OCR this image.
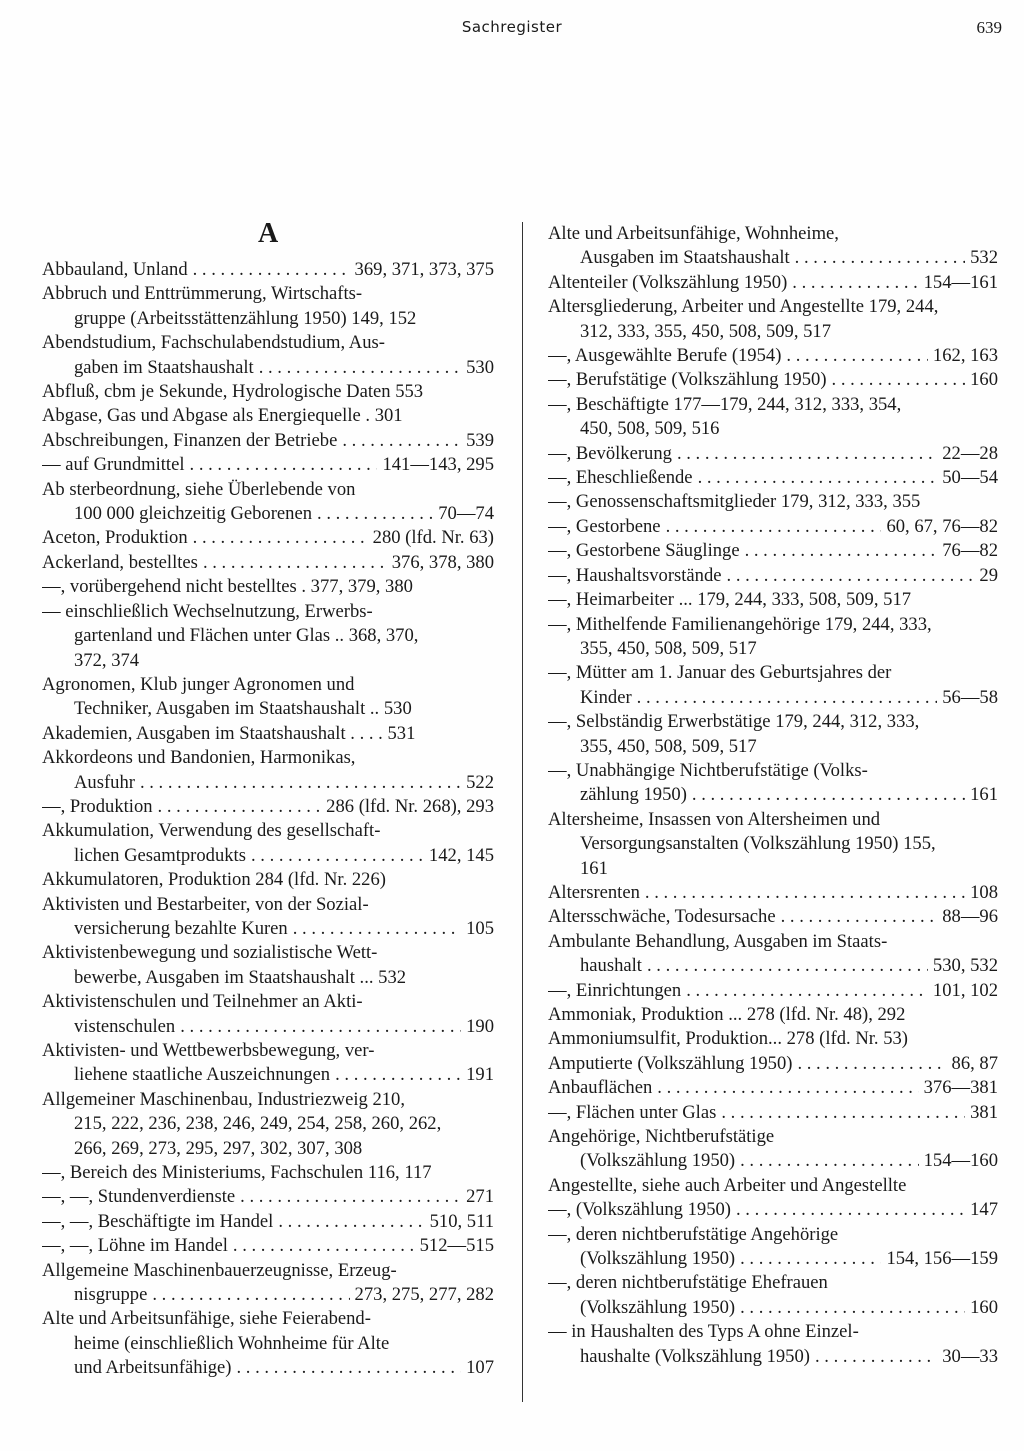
Sachregister	639
A
Abbauland, Unland . . .	369, 371, 373, 375
Abbruch und Enttrümmerung, Wirtschafts-
gruppe (Arbeitsstättenzählung 1950) 149, 152
Abendstudium, Fachschulabendstudium, Aus-
gaben im Staatshaushalt . . .	530
Abfluß, cbm je Sekunde, Hydrologische Daten 553
Abgase, Gas und Abgase als Energiequelle . 301
Abschreibungen, Finanzen der Betriebe . . .	539
— auf Grundmittel . . .	141—143, 295
Ab sterbeordnung, siehe Überlebende von
100 000 gleichzeitig Geborenen . . .	70—74
Aceton, Produktion . . .	280 (lfd. Nr. 63)
Ackerland, bestelltes . . .	376, 378, 380
—, vorübergehend nicht bestelltes . 377, 379, 380
— einschließlich Wechselnutzung, Erwerbs-
gartenland und Flächen unter Glas .. 368, 370,
372, 374
Agronomen, Klub junger Agronomen und
Techniker, Ausgaben im Staatshaushalt .. 530
Akademien, Ausgaben im Staatshaushalt . . . . 531
Akkordeons und Bandonien, Harmonikas,
Ausfuhr . . .	522
—, Produktion . . .	286 (lfd. Nr. 268), 293
Akkumulation, Verwendung des gesellschaft-
lichen Gesamtprodukts . . .	142, 145
Akkumulatoren, Produktion 284 (lfd. Nr. 226)
Aktivisten und Bestarbeiter, von der Sozial-
versicherung bezahlte Kuren . . .	105
Aktivistenbewegung und sozialistische Wett-
bewerbe, Ausgaben im Staatshaushalt ... 532
Aktivistenschulen und Teilnehmer an Akti-
vistenschulen . . .	190
Aktivisten- und Wettbewerbsbewegung, ver-
liehene staatliche Auszeichnungen . . .	191
Allgemeiner Maschinenbau, Industriezweig 210,
215, 222, 236, 238, 246, 249, 254, 258, 260, 262,
266, 269, 273, 295, 297, 302, 307, 308
—, Bereich des Ministeriums, Fachschulen 116, 117
—, —, Stundenverdienste . . .	271
—, —, Beschäftigte im Handel . . .	510, 511
—, —, Löhne im Handel . . .	512—515
Allgemeine Maschinenbauerzeugnisse, Erzeug-
nisgruppe . . .	273, 275, 277, 282
Alte und Arbeitsunfähige, siehe Feierabend-
heime (einschließlich Wohnheime für Alte
und Arbeitsunfähige) . . .	107
Alte und Arbeitsunfähige, Wohnheime,
Ausgaben im Staatshaushalt . . .	532
Altenteiler (Volkszählung 1950) . . .	154—161
Altersgliederung, Arbeiter und Angestellte 179, 244,
312, 333, 355, 450, 508, 509, 517
—, Ausgewählte Berufe (1954) . . .	162, 163
—, Berufstätige (Volkszählung 1950) . . .	160
—, Beschäftigte 177—179, 244, 312, 333, 354,
450, 508, 509, 516
—, Bevölkerung . . .	22—28
—, Eheschließende . . .	50—54
—, Genossenschaftsmitglieder 179, 312, 333, 355
—, Gestorbene . . .	60, 67, 76—82
—, Gestorbene Säuglinge . . .	76—82
—, Haushaltsvorstände . . .	29
—, Heimarbeiter ... 179, 244, 333, 508, 509, 517
—, Mithelfende Familienangehörige 179, 244, 333,
355, 450, 508, 509, 517
—, Mütter am 1. Januar des Geburtsjahres der
Kinder . . .	56—58
—, Selbständig Erwerbstätige 179, 244, 312, 333,
355, 450, 508, 509, 517
—, Unabhängige Nichtberufstätige (Volks-
zählung 1950) . . .	161
Altersheime, Insassen von Altersheimen und
Versorgungsanstalten (Volkszählung 1950) 155,
161
Altersrenten . . .	108
Altersschwäche, Todesursache . . .	88—96
Ambulante Behandlung, Ausgaben im Staats-
haushalt . . .	530, 532
—, Einrichtungen . . .	101, 102
Ammoniak, Produktion ... 278 (lfd. Nr. 48), 292
Ammoniumsulfit, Produktion... 278 (lfd. Nr. 53)
Amputierte (Volkszählung 1950) . . .	86, 87
Anbauflächen . . .	376—381
—, Flächen unter Glas . . .	381
Angehörige, Nichtberufstätige
(Volkszählung 1950) . . .	154—160
Angestellte, siehe auch Arbeiter und Angestellte
—, (Volkszählung 1950) . . .	147
—, deren nichtberufstätige Angehörige
(Volkszählung 1950) . . .	154, 156—159
—, deren nichtberufstätige Ehefrauen
(Volkszählung 1950) . . .	160
— in Haushalten des Typs A ohne Einzel-
haushalte (Volkszählung 1950) . . .	30—33
